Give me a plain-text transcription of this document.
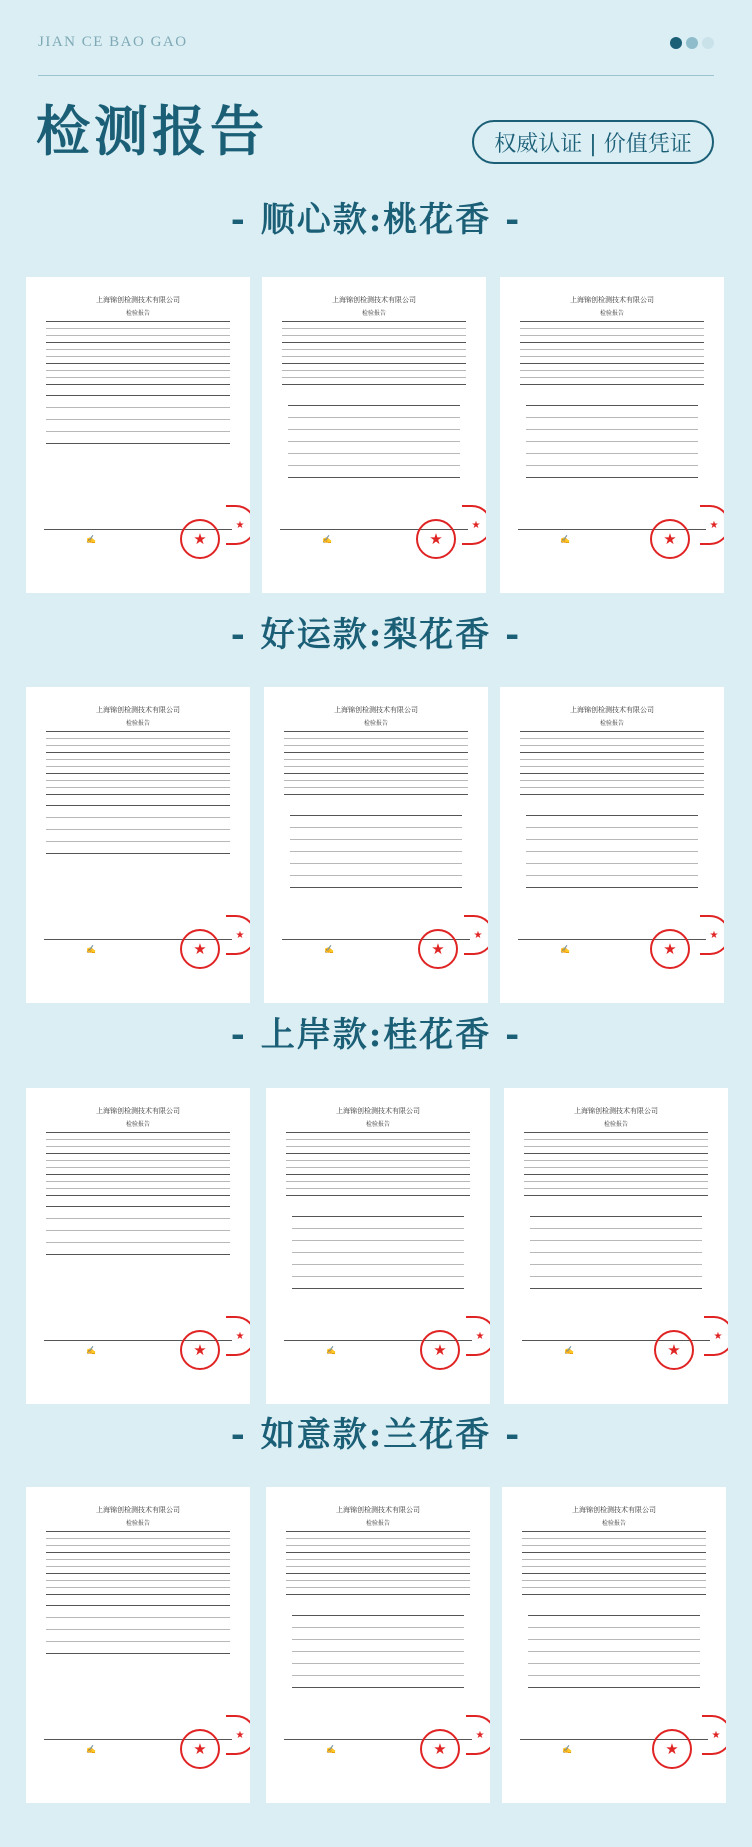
JIAN CE BAO GAO
检测报告	权威认证 | 价值凭证
- 顺心款:桃花香 -
上海锦创检测技术有限公司
检验报告
✍	★
★
上海锦创检测技术有限公司
检验报告
✍	★
★
上海锦创检测技术有限公司
检验报告
✍	★
★
- 好运款:梨花香 -
上海锦创检测技术有限公司
检验报告
✍	★
★
上海锦创检测技术有限公司
检验报告
✍	★
★
上海锦创检测技术有限公司
检验报告
✍	★
★
- 上岸款:桂花香 -
上海锦创检测技术有限公司
检验报告
✍	★
★
上海锦创检测技术有限公司
检验报告
✍	★
★
上海锦创检测技术有限公司
检验报告
✍	★
★
- 如意款:兰花香 -
上海锦创检测技术有限公司
检验报告
✍	★
★
上海锦创检测技术有限公司
检验报告
✍	★
★
上海锦创检测技术有限公司
检验报告
✍	★
★
